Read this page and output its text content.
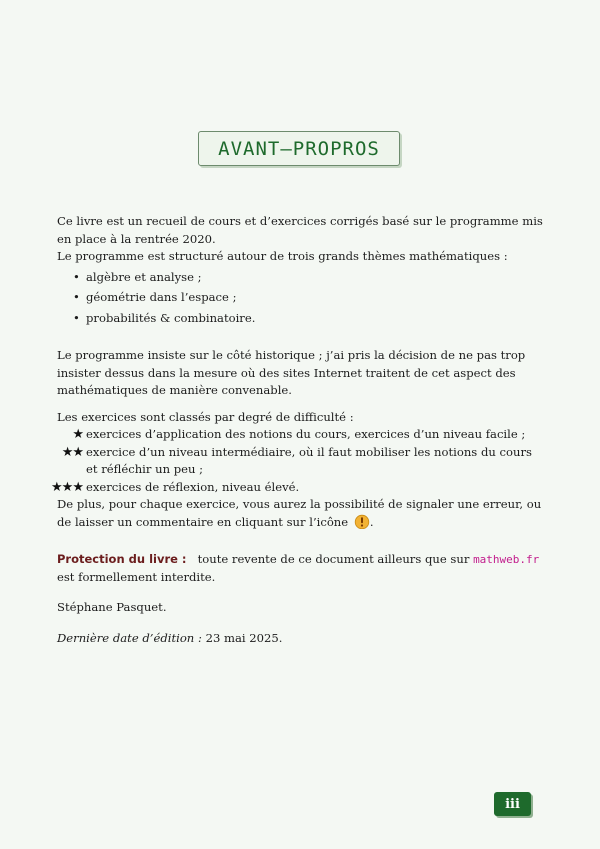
AVANT–PROPROS

Ce livre est un recueil de cours et d’exercices corrigés basé sur le programme mis en place à la rentrée 2020.

Le programme est structuré autour de trois grands thèmes mathématiques :

• algèbre et analyse ;
• géométrie dans l’espace ;
• probabilités & combinatoire.

Le programme insiste sur le côté historique ; j’ai pris la décision de ne pas trop insister dessus dans la mesure où des sites Internet traitent de cet aspect des mathématiques de manière convenable.

Les exercices sont classés par degré de difficulté :

★ exercices d’application des notions du cours, exercices d’un niveau facile ;
★★ exercice d’un niveau intermédiaire, où il faut mobiliser les notions du cours et réfléchir un peu ;
★★★ exercices de réflexion, niveau élevé.

De plus, pour chaque exercice, vous aurez la possibilité de signaler une erreur, ou de laisser un commentaire en cliquant sur l’icône .

Protection du livre : toute revente de ce document ailleurs que sur mathweb.fr est formellement interdite.

Stéphane Pasquet.

Dernière date d’édition : 23 mai 2025.

iii
